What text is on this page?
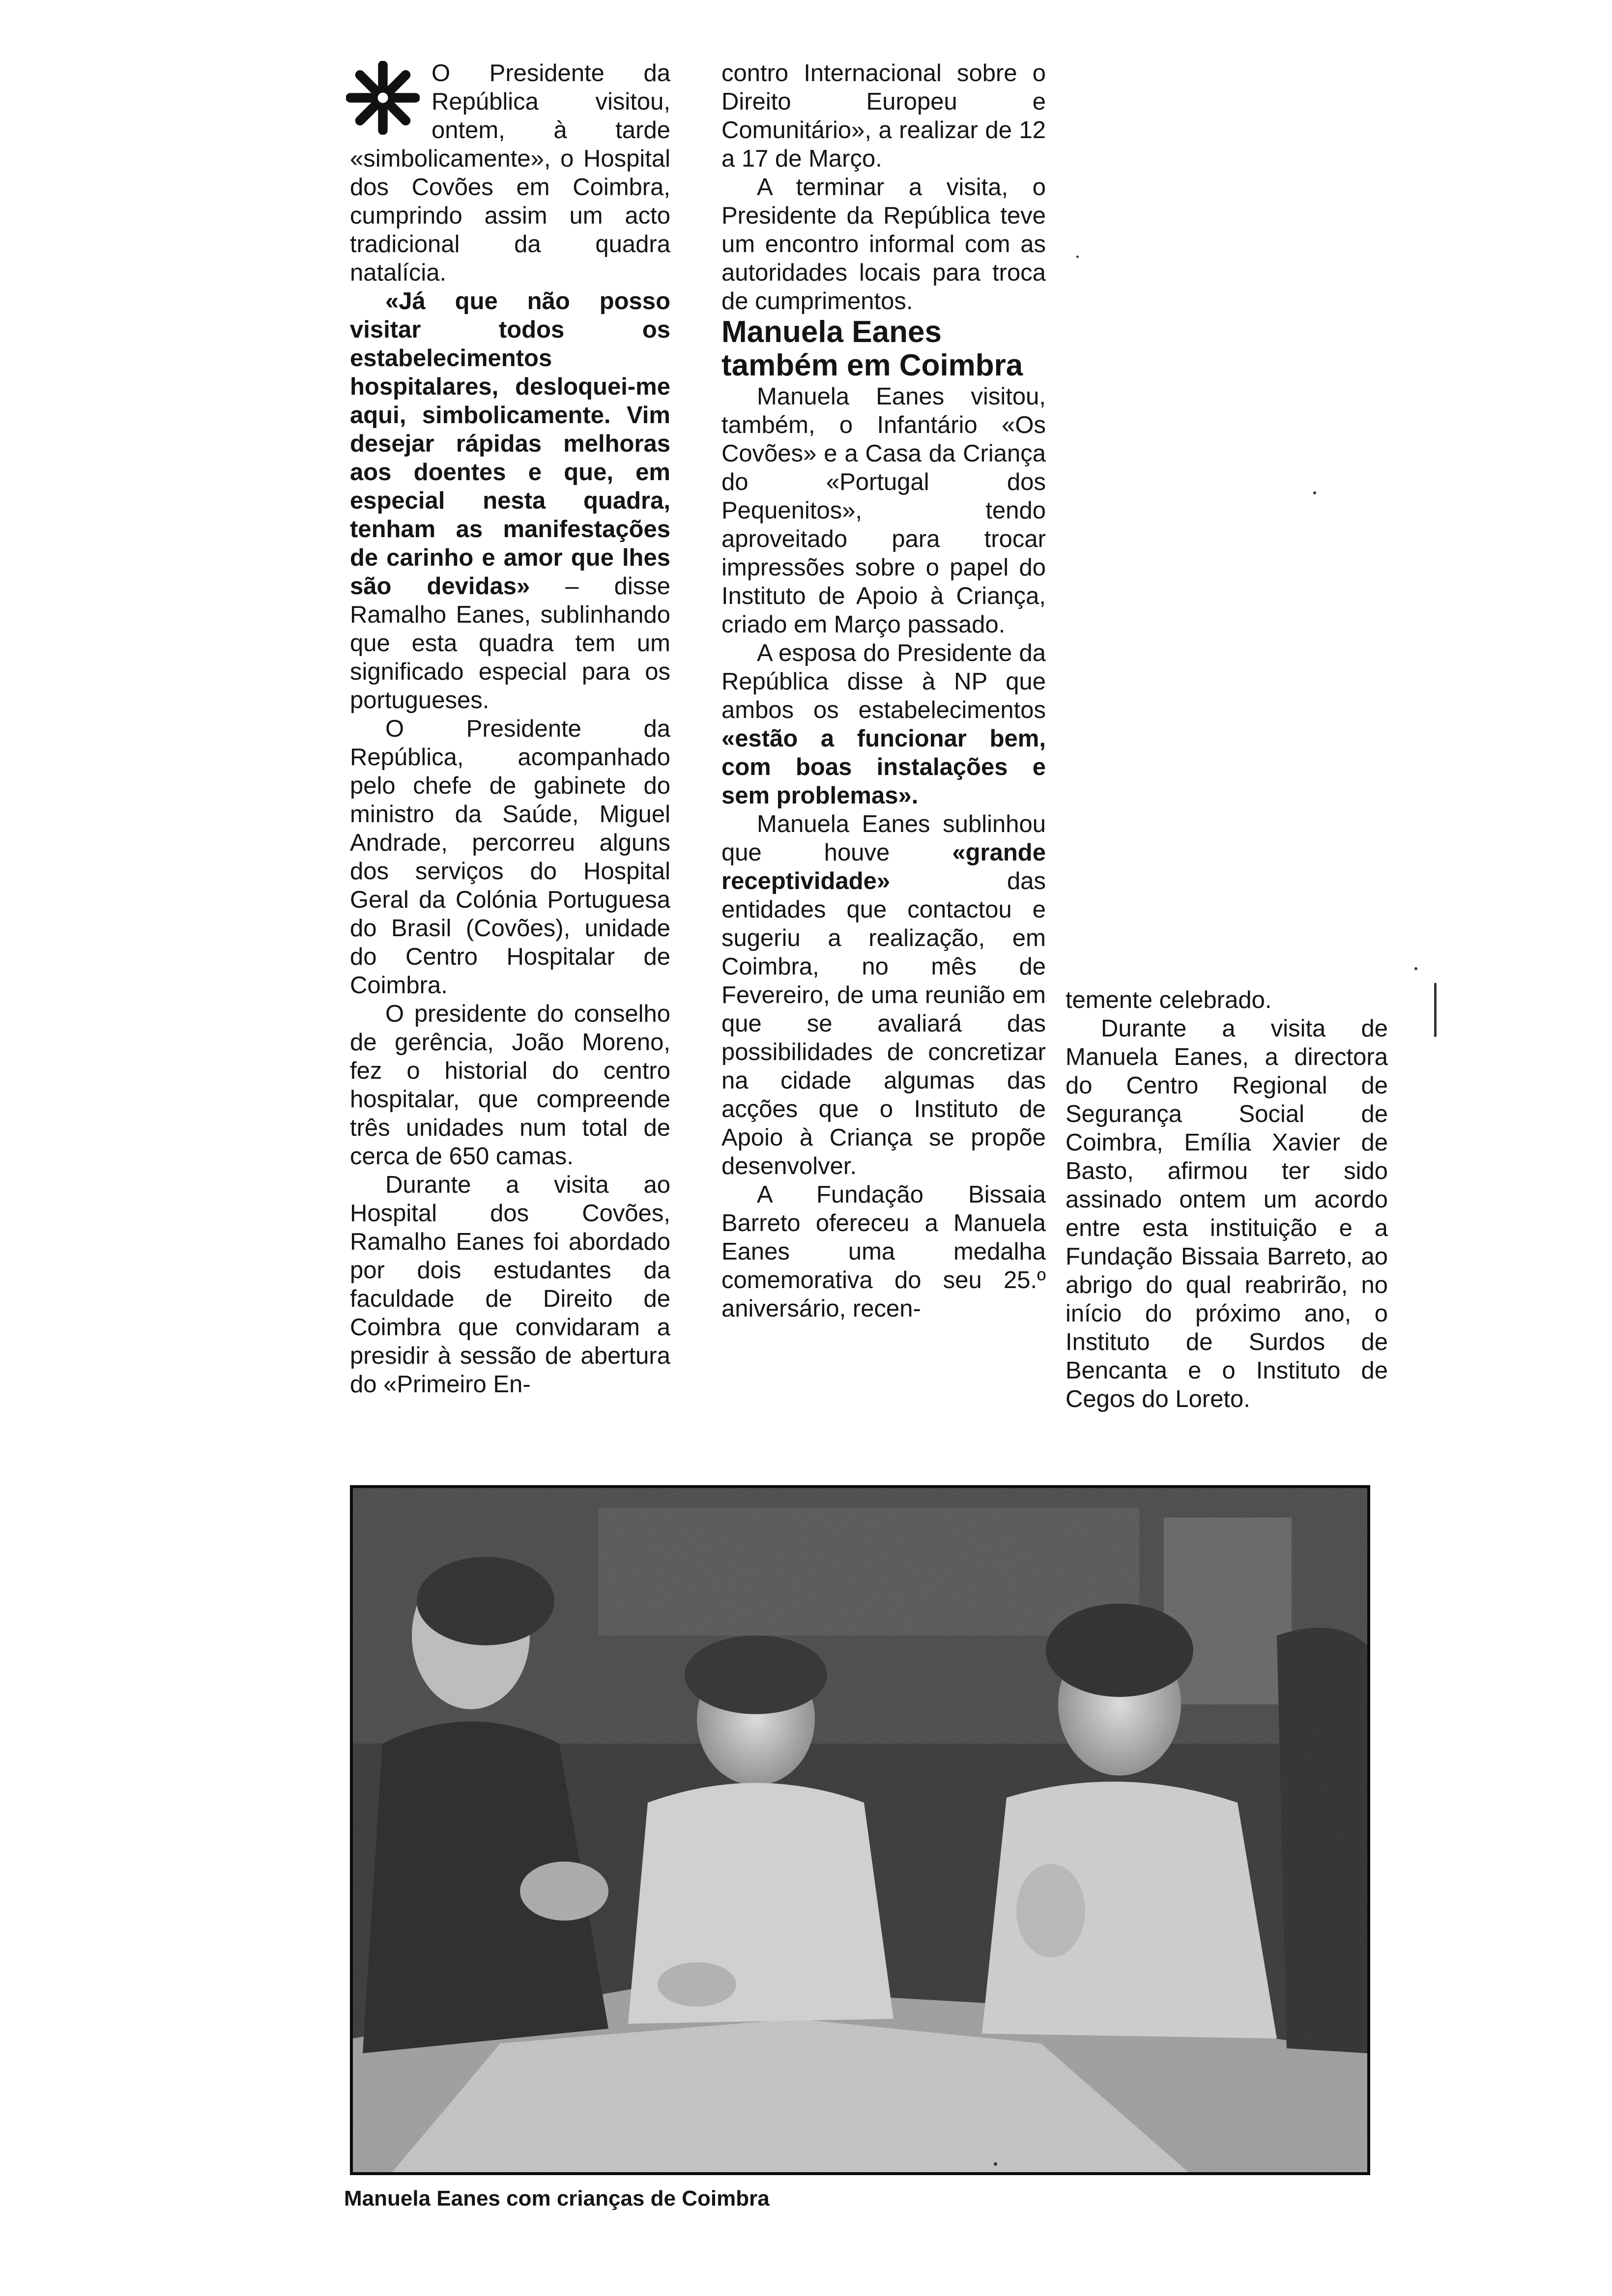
O Presidente da República visitou, ontem, à tarde «simbolicamente», o Hospital dos Covões em Coimbra, cumprindo assim um acto tradicional da quadra natalícia.

«Já que não posso visitar todos os estabelecimentos hospitalares, desloquei-me aqui, simbolicamente. Vim desejar rápidas melhoras aos doentes e que, em especial nesta quadra, tenham as manifestações de carinho e amor que lhes são devidas» – disse Ramalho Eanes, sublinhando que esta quadra tem um significado especial para os portugueses.

O Presidente da República, acompanhado pelo chefe de gabinete do ministro da Saúde, Miguel Andrade, percorreu alguns dos serviços do Hospital Geral da Colónia Portuguesa do Brasil (Covões), unidade do Centro Hospitalar de Coimbra.

O presidente do conselho de gerência, João Moreno, fez o historial do centro hospitalar, que compreende três unidades num total de cerca de 650 camas.

Durante a visita ao Hospital dos Covões, Ramalho Eanes foi abordado por dois estudantes da faculdade de Direito de Coimbra que convidaram a presidir à sessão de abertura do «Primeiro En-

contro Internacional sobre o Direito Europeu e Comunitário», a realizar de 12 a 17 de Março.

A terminar a visita, o Presidente da República teve um encontro informal com as autoridades locais para troca de cumprimentos.

Manuela Eanes também em Coimbra

Manuela Eanes visitou, também, o Infantário «Os Covões» e a Casa da Criança do «Portugal dos Pequenitos», tendo aproveitado para trocar impressões sobre o papel do Instituto de Apoio à Criança, criado em Março passado.

A esposa do Presidente da República disse à NP que ambos os estabelecimentos «estão a funcionar bem, com boas instalações e sem problemas».

Manuela Eanes sublinhou que houve «grande receptividade» das entidades que contactou e sugeriu a realização, em Coimbra, no mês de Fevereiro, de uma reunião em que se avaliará das possibilidades de concretizar na cidade algumas das acções que o Instituto de Apoio à Criança se propõe desenvolver.

A Fundação Bissaia Barreto ofereceu a Manuela Eanes uma medalha comemorativa do seu 25.º aniversário, recen-

temente celebrado.

Durante a visita de Manuela Eanes, a directora do Centro Regional de Segurança Social de Coimbra, Emília Xavier de Basto, afirmou ter sido assinado ontem um acordo entre esta instituição e a Fundação Bissaia Barreto, ao abrigo do qual reabrirão, no início do próximo ano, o Instituto de Surdos de Bencanta e o Instituto de Cegos do Loreto.

Manuela Eanes com crianças de Coimbra
